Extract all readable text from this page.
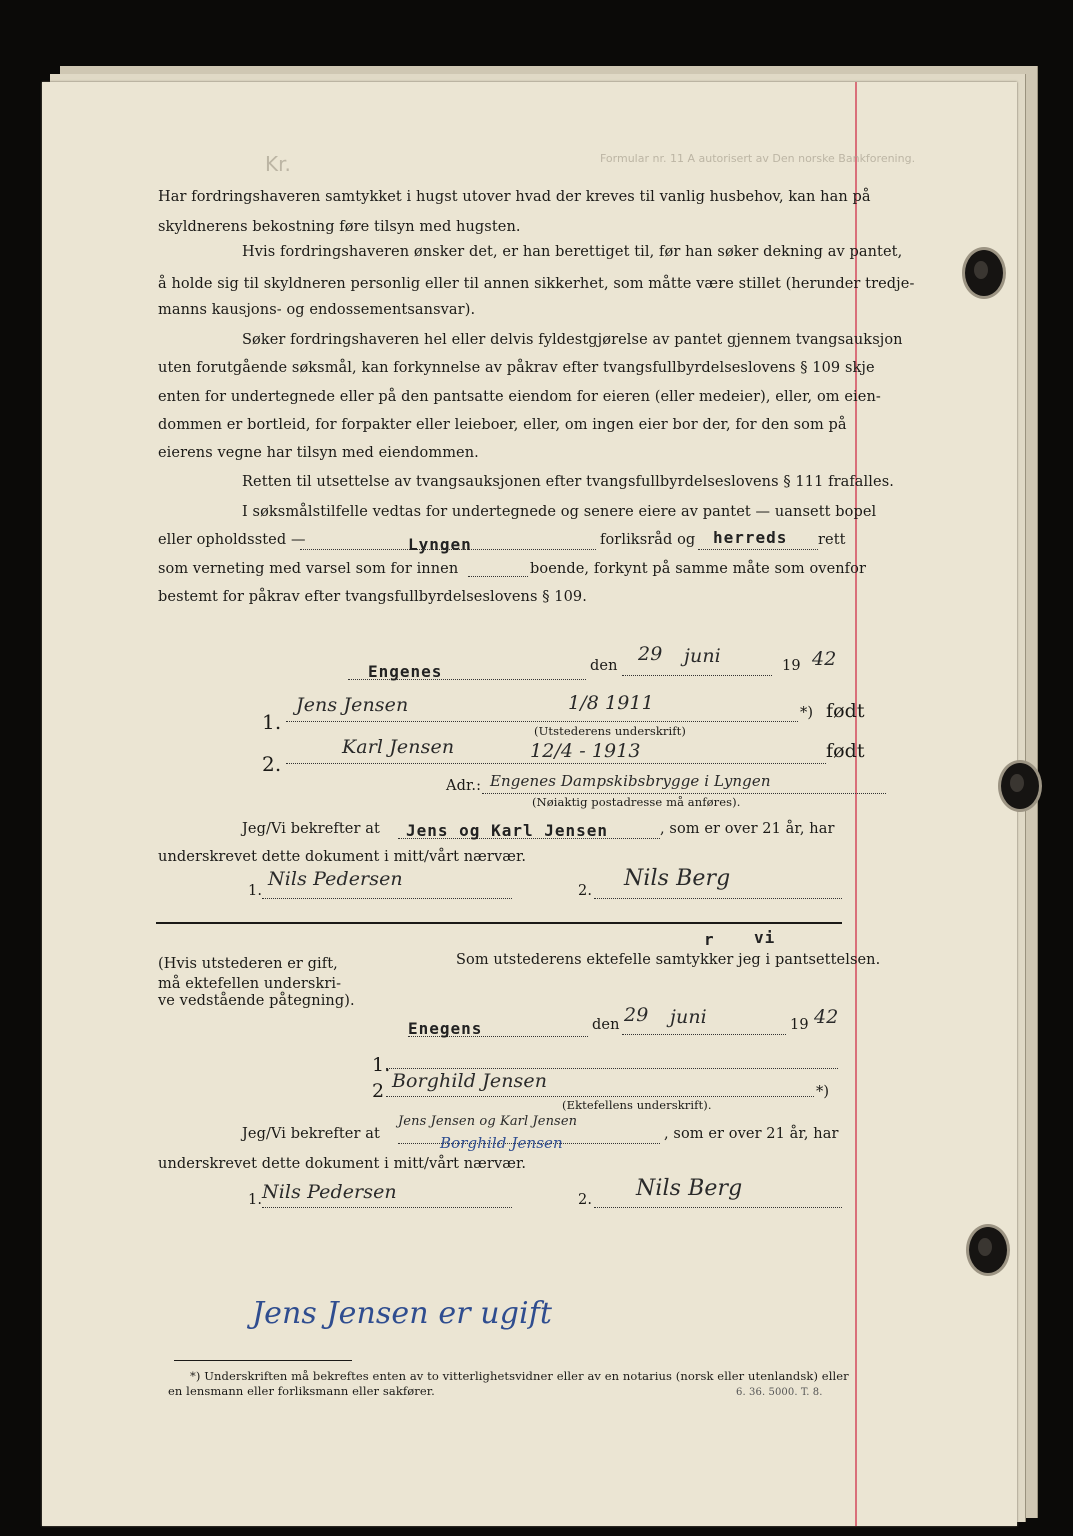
Formular nr. 11 A autorisert av Den norske Bankforening.
Kr.
Har fordringshaveren samtykket i hugst utover hvad der kreves til vanlig husbehov, kan han på
skyldnerens bekostning føre tilsyn med hugsten.
Hvis fordringshaveren ønsker det, er han berettiget til, før han søker dekning av pantet,
å holde sig til skyldneren personlig eller til annen sikkerhet, som måtte være stillet (herunder tredje-
manns kausjons- og endossementsansvar).
Søker fordringshaveren hel eller delvis fyldestgjørelse av pantet gjennem tvangsauksjon
uten forutgående søksmål, kan forkynnelse av påkrav efter tvangsfullbyrdelseslovens § 109 skje
enten for undertegnede eller på den pantsatte eiendom for eieren (eller medeier), eller, om eien-
dommen er bortleid, for forpakter eller leieboer, eller, om ingen eier bor der, for den som på
eierens vegne har tilsyn med eiendommen.
Retten til utsettelse av tvangsauksjonen efter tvangsfullbyrdelseslovens § 111 frafalles.
I søksmålstilfelle vedtas for undertegnede og senere eiere av pantet — uansett bopel
eller opholdssted —	Lyngen	forliksråd og herreds rett
som verneting med varsel som for innen	boende, forkynt på samme måte som ovenfor
bestemt for påkrav efter tvangsfullbyrdelseslovens § 109.
Engenes	den
29 juni	19 42
1.
Jens Jensen	1/8 1911	*) født
(Utstederens underskrift)
2.
Karl Jensen	12/4 - 1913	født
Adr.: Engenes Dampskibsbrygge i Lyngen
(Nøiaktig postadresse må anføres).
Jeg/Vi bekrefter at Jens og Karl Jensen	, som er over 21 år, har
underskrevet dette dokument i mitt/vårt nærvær.
1.
Nils Pedersen
2. Nils Berg
r vi
(Hvis utstederen er gift,
må ektefellen underskri-
ve vedstående påtegning).
Som utstederens ektefelle samtykker jeg i pantsettelsen.
Enegens	den 29 juni	19 42
1.
2 Borghild Jensen	*)
(Ektefellens underskrift).
Jeg/Vi bekrefter at
Jens Jensen og Karl Jensen
Borghild Jensen	, som er over 21 år, har
underskrevet dette dokument i mitt/vårt nærvær.
1. Nils Pedersen	2. Nils Berg
Jens Jensen er ugift
*) Underskriften må bekreftes enten av to vitterlighetsvidner eller av en notarius (norsk eller utenlandsk) eller
en lensmann eller forliksmann eller sakfører.	6. 36. 5000. T. 8.
